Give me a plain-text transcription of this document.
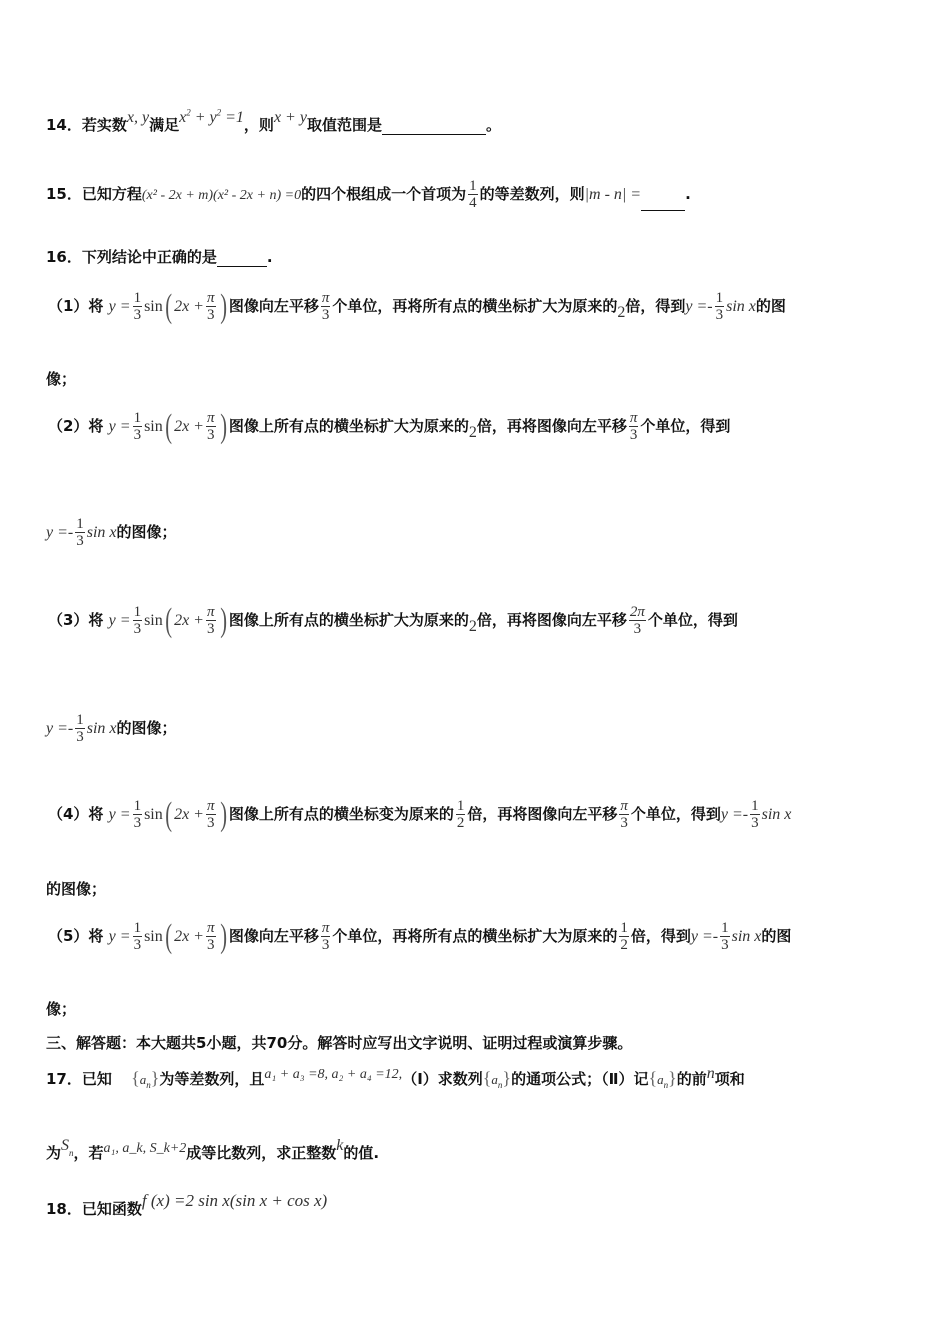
14．若实数x, y满足$x^2 + y^2 =1$，则x + y取值范围是	。
15．已知方程(x² - 2x + m)(x² - 2x + n) =0的四个根组成一个首项为 $\frac{1}{4}$ 的等差数列，则|m - n| =	.
16．下列结论中正确的是	.
（1）将 $y = \frac{1}{3} \sin$( $2x + \frac{\pi}{3}$ ) 图像向左平移 $\frac{\pi}{3}$ 个单位，再将所有点的横坐标扩大为原来的2倍，得到$y =- \frac{1}{3}$ sin x的图
像；
（2）将 $y = \frac{1}{3} \sin$( $2x + \frac{\pi}{3}$ ) 图像上所有点的横坐标扩大为原来的2倍，再将图像向左平移 $\frac{\pi}{3}$ 个单位，得到
$y =- \frac{1}{3}$ sin x的图像；
（3）将 $y = \frac{1}{3} \sin$( $2x + \frac{\pi}{3}$ ) 图像上所有点的横坐标扩大为原来的2倍，再将图像向左平移 $\frac{2\pi}{3}$ 个单位，得到
$y =- \frac{1}{3}$ sin x的图像；
（4）将 $y = \frac{1}{3} \sin$( $2x + \frac{\pi}{3}$ ) 图像上所有点的横坐标变为原来的 $\frac{1}{2}$ 倍，再将图像向左平移 $\frac{\pi}{3}$ 个单位，得到$y =- \frac{1}{3}$ sin x
的图像；
（5）将 $y = \frac{1}{3} \sin$( $2x + \frac{\pi}{3}$ ) 图像向左平移 $\frac{\pi}{3}$ 个单位，再将所有点的横坐标扩大为原来的 $\frac{1}{2}$ 倍，得到$y =- \frac{1}{3}$ sin x的图
像；
三、解答题：本大题共5小题，共70分。解答时应写出文字说明、证明过程或演算步骤。
17．已知 $\{a_n\}$为等差数列，且a₁ + a₃ =8, a₂ + a₄ =12,（Ⅰ）求数列$\{a_n\}$的通项公式；（Ⅱ）记$\{a_n\}$的前n项和
为$S_n$，若a₁, a_k, S_k+2成等比数列，求正整数k的值.
18．已知函数f (x) =2 sin x(sin x + cos x)
